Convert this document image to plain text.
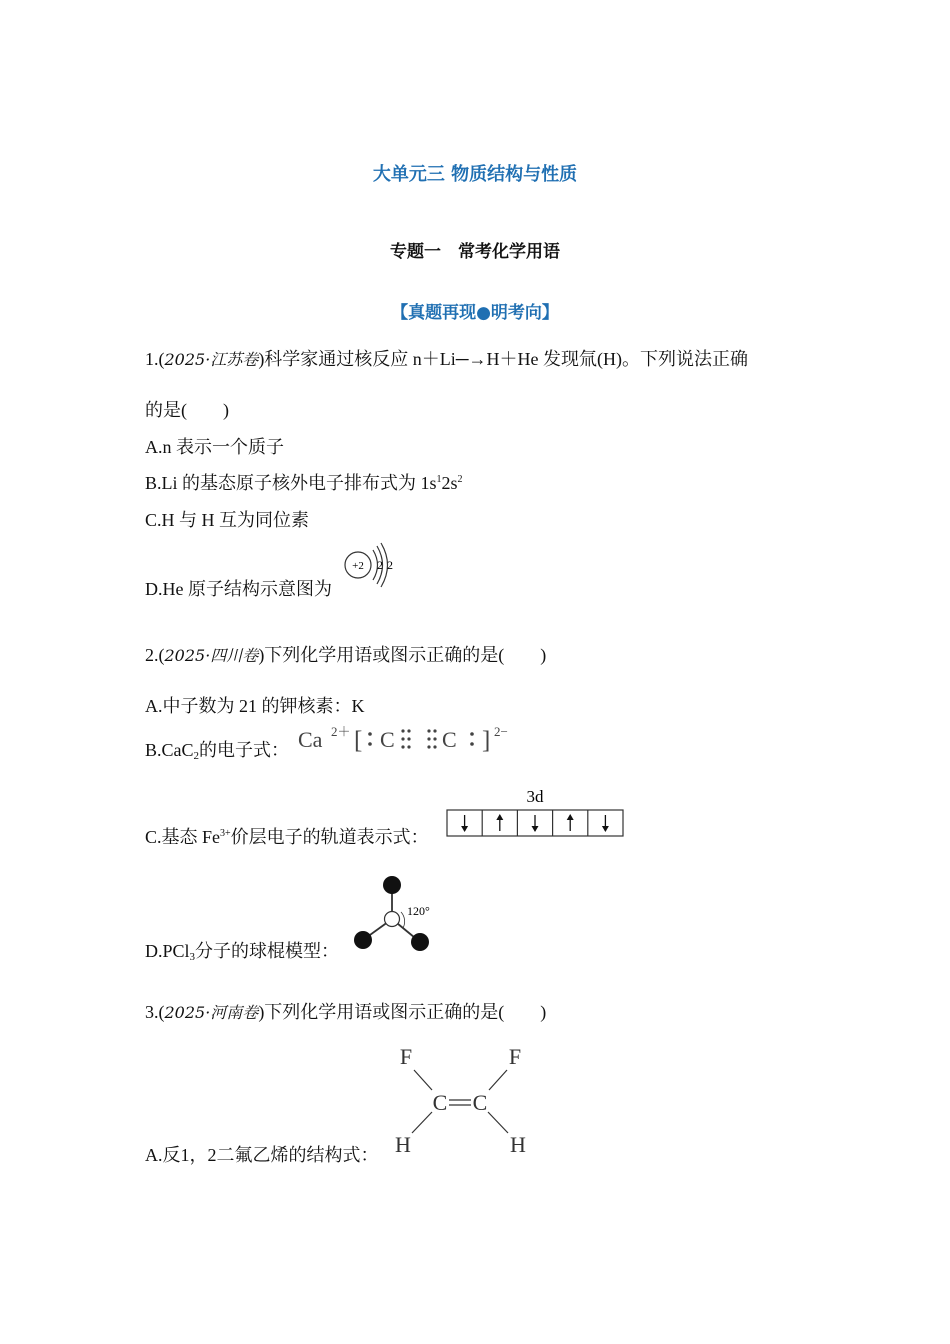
大单元三 物质结构与性质
专题一　常考化学用语
【真题再现●明考向】
1.(2025·江苏卷)科学家通过核反应 n＋Li─→H＋He 发现氚(H)。下列说法正确
的是(　　)
A.n 表示一个质子
B.Li 的基态原子核外电子排布式为 $1s^12s^2$
C.H 与 H 互为同位素
D.He 原子结构示意图为
+2 2 2
2.(2025·四川卷)下列化学用语或图示正确的是(　　)
A.中子数为 21 的钾核素：K
B.CaC$_2$的电子式： Ca 2＋ [ C C ] 2−
3d
C.基态 $Fe^{3+}$价层电子的轨道表示式：
120°
D.PCl$_3$分子的球棍模型：
3.(2025·河南卷)下列化学用语或图示正确的是(　　)
F	F
C C
H	H
A.反1，2二氟乙烯的结构式：
